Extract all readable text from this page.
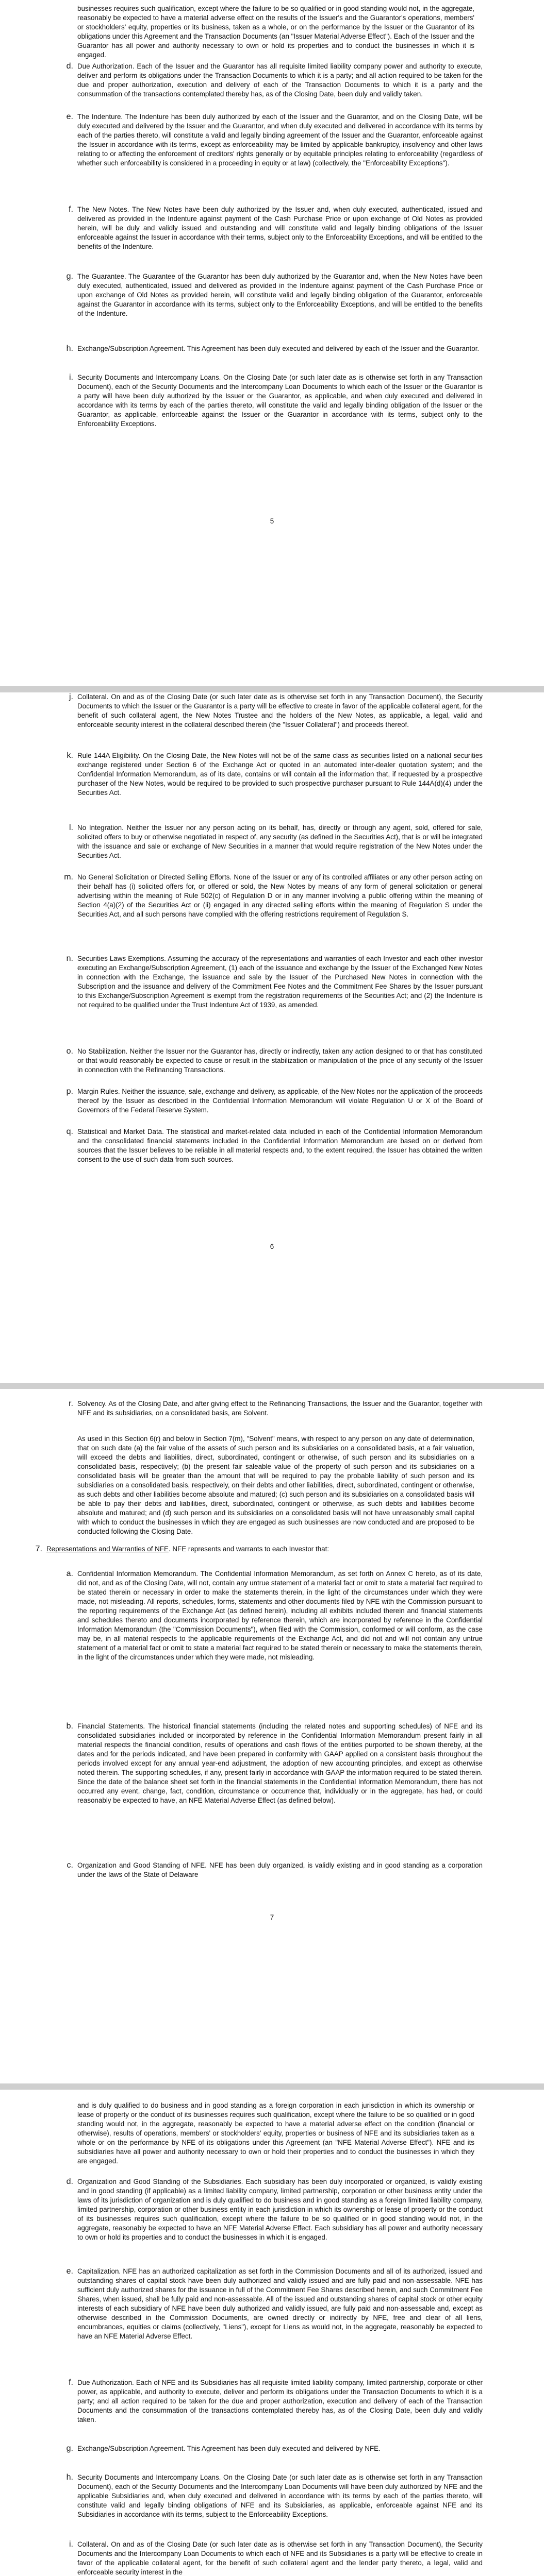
businesses requires such qualification, except where the failure to be so qualified or in good standing would not, in the aggregate, reasonably be expected to have a material adverse effect on the results of the Issuer's and the Guarantor's operations, members' or stockholders' equity, properties or its business, taken as a whole, or on the performance by the Issuer or the Guarantor of its obligations under this Agreement and the Transaction Documents (an "Issuer Material Adverse Effect"). Each of the Issuer and the Guarantor has all power and authority necessary to own or hold its properties and to conduct the businesses in which it is engaged.
d. Due Authorization. Each of the Issuer and the Guarantor has all requisite limited liability company power and authority to execute, deliver and perform its obligations under the Transaction Documents to which it is a party; and all action required to be taken for the due and proper authorization, execution and delivery of each of the Transaction Documents to which it is a party and the consummation of the transactions contemplated thereby has, as of the Closing Date, been duly and validly taken.
e. The Indenture. The Indenture has been duly authorized by each of the Issuer and the Guarantor, and on the Closing Date, will be duly executed and delivered by the Issuer and the Guarantor, and when duly executed and delivered in accordance with its terms by each of the parties thereto, will constitute a valid and legally binding agreement of the Issuer and the Guarantor, enforceable against the Issuer in accordance with its terms, except as enforceability may be limited by applicable bankruptcy, insolvency and other laws relating to or affecting the enforcement of creditors' rights generally or by equitable principles relating to enforceability (regardless of whether such enforceability is considered in a proceeding in equity or at law) (collectively, the "Enforceability Exceptions").
f. The New Notes. The New Notes have been duly authorized by the Issuer and, when duly executed, authenticated, issued and delivered as provided in the Indenture against payment of the Cash Purchase Price or upon exchange of Old Notes as provided herein, will be duly and validly issued and outstanding and will constitute valid and legally binding obligations of the Issuer enforceable against the Issuer in accordance with their terms, subject only to the Enforceability Exceptions, and will be entitled to the benefits of the Indenture.
g. The Guarantee. The Guarantee of the Guarantor has been duly authorized by the Guarantor and, when the New Notes have been duly executed, authenticated, issued and delivered as provided in the Indenture against payment of the Cash Purchase Price or upon exchange of Old Notes as provided herein, will constitute valid and legally binding obligation of the Guarantor, enforceable against the Guarantor in accordance with its terms, subject only to the Enforceability Exceptions, and will be entitled to the benefits of the Indenture.
h. Exchange/Subscription Agreement. This Agreement has been duly executed and delivered by each of the Issuer and the Guarantor.
i. Security Documents and Intercompany Loans. On the Closing Date (or such later date as is otherwise set forth in any Transaction Document), each of the Security Documents and the Intercompany Loan Documents to which each of the Issuer or the Guarantor is a party will have been duly authorized by the Issuer or the Guarantor, as applicable, and when duly executed and delivered in accordance with its terms by each of the parties thereto, will constitute the valid and legally binding obligation of the Issuer or the Guarantor, as applicable, enforceable against the Issuer or the Guarantor in accordance with its terms, subject only to the Enforceability Exceptions.
5
j. Collateral. On and as of the Closing Date (or such later date as is otherwise set forth in any Transaction Document), the Security Documents to which the Issuer or the Guarantor is a party will be effective to create in favor of the applicable collateral agent, for the benefit of such collateral agent, the New Notes Trustee and the holders of the New Notes, as applicable, a legal, valid and enforceable security interest in the collateral described therein (the "Issuer Collateral") and proceeds thereof.
k. Rule 144A Eligibility. On the Closing Date, the New Notes will not be of the same class as securities listed on a national securities exchange registered under Section 6 of the Exchange Act or quoted in an automated inter-dealer quotation system; and the Confidential Information Memorandum, as of its date, contains or will contain all the information that, if requested by a prospective purchaser of the New Notes, would be required to be provided to such prospective purchaser pursuant to Rule 144A(d)(4) under the Securities Act.
l. No Integration. Neither the Issuer nor any person acting on its behalf, has, directly or through any agent, sold, offered for sale, solicited offers to buy or otherwise negotiated in respect of, any security (as defined in the Securities Act), that is or will be integrated with the issuance and sale or exchange of New Securities in a manner that would require registration of the New Notes under the Securities Act.
m. No General Solicitation or Directed Selling Efforts. None of the Issuer or any of its controlled affiliates or any other person acting on their behalf has (i) solicited offers for, or offered or sold, the New Notes by means of any form of general solicitation or general advertising within the meaning of Rule 502(c) of Regulation D or in any manner involving a public offering within the meaning of Section 4(a)(2) of the Securities Act or (ii) engaged in any directed selling efforts within the meaning of Regulation S under the Securities Act, and all such persons have complied with the offering restrictions requirement of Regulation S.
n. Securities Laws Exemptions. Assuming the accuracy of the representations and warranties of each Investor and each other investor executing an Exchange/Subscription Agreement, (1) each of the issuance and exchange by the Issuer of the Exchanged New Notes in connection with the Exchange, the issuance and sale by the Issuer of the Purchased New Notes in connection with the Subscription and the issuance and delivery of the Commitment Fee Notes and the Commitment Fee Shares by the Issuer pursuant to this Exchange/Subscription Agreement is exempt from the registration requirements of the Securities Act; and (2) the Indenture is not required to be qualified under the Trust Indenture Act of 1939, as amended.
o. No Stabilization. Neither the Issuer nor the Guarantor has, directly or indirectly, taken any action designed to or that has constituted or that would reasonably be expected to cause or result in the stabilization or manipulation of the price of any security of the Issuer in connection with the Refinancing Transactions.
p. Margin Rules. Neither the issuance, sale, exchange and delivery, as applicable, of the New Notes nor the application of the proceeds thereof by the Issuer as described in the Confidential Information Memorandum will violate Regulation U or X of the Board of Governors of the Federal Reserve System.
q. Statistical and Market Data. The statistical and market-related data included in each of the Confidential Information Memorandum and the consolidated financial statements included in the Confidential Information Memorandum are based on or derived from sources that the Issuer believes to be reliable in all material respects and, to the extent required, the Issuer has obtained the written consent to the use of such data from such sources.
6
r. Solvency. As of the Closing Date, and after giving effect to the Refinancing Transactions, the Issuer and the Guarantor, together with NFE and its subsidiaries, on a consolidated basis, are Solvent.
As used in this Section 6(r) and below in Section 7(m), "Solvent" means, with respect to any person on any date of determination, that on such date (a) the fair value of the assets of such person and its subsidiaries on a consolidated basis, at a fair valuation, will exceed the debts and liabilities, direct, subordinated, contingent or otherwise, of such person and its subsidiaries on a consolidated basis, respectively; (b) the present fair saleable value of the property of such person and its subsidiaries on a consolidated basis will be greater than the amount that will be required to pay the probable liability of such person and its subsidiaries on a consolidated basis, respectively, on their debts and other liabilities, direct, subordinated, contingent or otherwise, as such debts and other liabilities become absolute and matured; (c) such person and its subsidiaries on a consolidated basis will be able to pay their debts and liabilities, direct, subordinated, contingent or otherwise, as such debts and liabilities become absolute and matured; and (d) such person and its subsidiaries on a consolidated basis will not have unreasonably small capital with which to conduct the businesses in which they are engaged as such businesses are now conducted and are proposed to be conducted following the Closing Date.
7. Representations and Warranties of NFE. NFE represents and warrants to each Investor that:
a. Confidential Information Memorandum. The Confidential Information Memorandum, as set forth on Annex C hereto, as of its date, did not, and as of the Closing Date, will not, contain any untrue statement of a material fact or omit to state a material fact required to be stated therein or necessary in order to make the statements therein, in the light of the circumstances under which they were made, not misleading. All reports, schedules, forms, statements and other documents filed by NFE with the Commission pursuant to the reporting requirements of the Exchange Act (as defined herein), including all exhibits included therein and financial statements and schedules thereto and documents incorporated by reference therein, which are incorporated by reference in the Confidential Information Memorandum (the "Commission Documents"), when filed with the Commission, conformed or will conform, as the case may be, in all material respects to the applicable requirements of the Exchange Act, and did not and will not contain any untrue statement of a material fact or omit to state a material fact required to be stated therein or necessary to make the statements therein, in the light of the circumstances under which they were made, not misleading.
b. Financial Statements. The historical financial statements (including the related notes and supporting schedules) of NFE and its consolidated subsidiaries included or incorporated by reference in the Confidential Information Memorandum present fairly in all material respects the financial condition, results of operations and cash flows of the entities purported to be shown thereby, at the dates and for the periods indicated, and have been prepared in conformity with GAAP applied on a consistent basis throughout the periods involved except for any annual year-end adjustment, the adoption of new accounting principles, and except as otherwise noted therein. The supporting schedules, if any, present fairly in accordance with GAAP the information required to be stated therein. Since the date of the balance sheet set forth in the financial statements in the Confidential Information Memorandum, there has not occurred any event, change, fact, condition, circumstance or occurrence that, individually or in the aggregate, has had, or could reasonably be expected to have, an NFE Material Adverse Effect (as defined below).
c. Organization and Good Standing of NFE. NFE has been duly organized, is validly existing and in good standing as a corporation under the laws of the State of Delaware
7
and is duly qualified to do business and in good standing as a foreign corporation in each jurisdiction in which its ownership or lease of property or the conduct of its businesses requires such qualification, except where the failure to be so qualified or in good standing would not, in the aggregate, reasonably be expected to have a material adverse effect on the condition (financial or otherwise), results of operations, members' or stockholders' equity, properties or business of NFE and its subsidiaries taken as a whole or on the performance by NFE of its obligations under this Agreement (an "NFE Material Adverse Effect"). NFE and its subsidiaries have all power and authority necessary to own or hold their properties and to conduct the businesses in which they are engaged.
d. Organization and Good Standing of the Subsidiaries. Each subsidiary has been duly incorporated or organized, is validly existing and in good standing (if applicable) as a limited liability company, limited partnership, corporation or other business entity under the laws of its jurisdiction of organization and is duly qualified to do business and in good standing as a foreign limited liability company, limited partnership, corporation or other business entity in each jurisdiction in which its ownership or lease of property or the conduct of its businesses requires such qualification, except where the failure to be so qualified or in good standing would not, in the aggregate, reasonably be expected to have an NFE Material Adverse Effect. Each subsidiary has all power and authority necessary to own or hold its properties and to conduct the businesses in which it is engaged.
e. Capitalization. NFE has an authorized capitalization as set forth in the Commission Documents and all of its authorized, issued and outstanding shares of capital stock have been duly authorized and validly issued and are fully paid and non-assessable. NFE has sufficient duly authorized shares for the issuance in full of the Commitment Fee Shares described herein, and such Commitment Fee Shares, when issued, shall be fully paid and non-assessable. All of the issued and outstanding shares of capital stock or other equity interests of each subsidiary of NFE have been duly authorized and validly issued, are fully paid and non-assessable and, except as otherwise described in the Commission Documents, are owned directly or indirectly by NFE, free and clear of all liens, encumbrances, equities or claims (collectively, "Liens"), except for Liens as would not, in the aggregate, reasonably be expected to have an NFE Material Adverse Effect.
f. Due Authorization. Each of NFE and its Subsidiaries has all requisite limited liability company, limited partnership, corporate or other power, as applicable, and authority to execute, deliver and perform its obligations under the Transaction Documents to which it is a party; and all action required to be taken for the due and proper authorization, execution and delivery of each of the Transaction Documents and the consummation of the transactions contemplated thereby has, as of the Closing Date, been duly and validly taken.
g. Exchange/Subscription Agreement. This Agreement has been duly executed and delivered by NFE.
h. Security Documents and Intercompany Loans. On the Closing Date (or such later date as is otherwise set forth in any Transaction Document), each of the Security Documents and the Intercompany Loan Documents will have been duly authorized by NFE and the applicable Subsidiaries and, when duly executed and delivered in accordance with its terms by each of the parties thereto, will constitute valid and legally binding obligations of NFE and its Subsidiaries, as applicable, enforceable against NFE and its Subsidiaries in accordance with its terms, subject to the Enforceability Exceptions.
i. Collateral. On and as of the Closing Date (or such later date as is otherwise set forth in any Transaction Document), the Security Documents and the Intercompany Loan Documents to which each of NFE and its Subsidiaries is a party will be effective to create in favor of the applicable collateral agent, for the benefit of such collateral agent and the lender party thereto, a legal, valid and enforceable security interest in the
